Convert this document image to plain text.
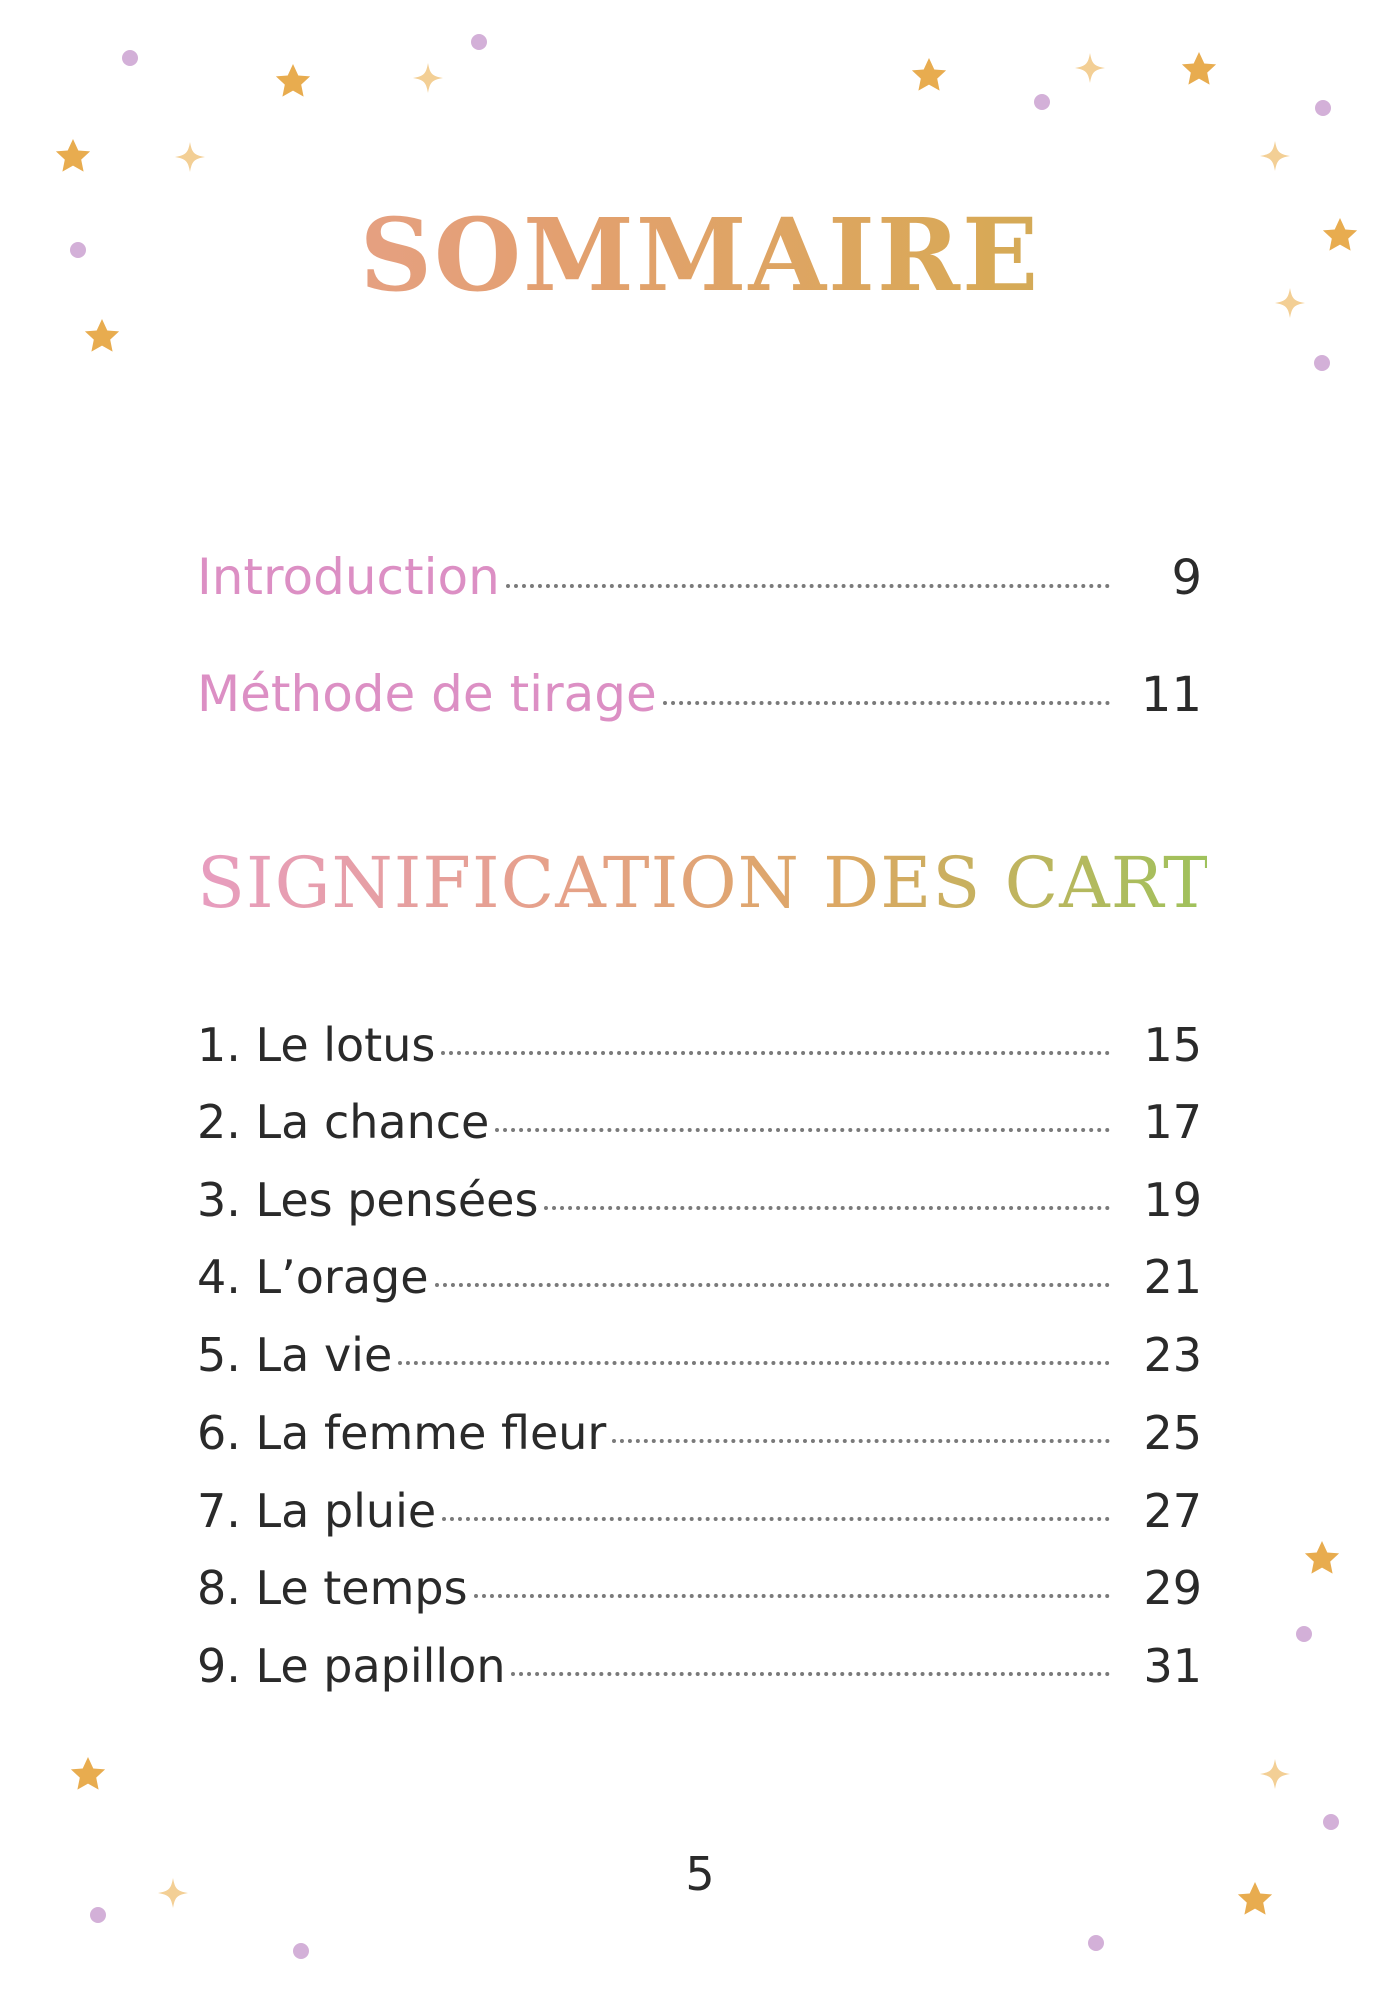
SOMMAIRE
Introduction	9
Méthode de tirage	11
SIGNIFICATION DES CARTES
1. Le lotus	15
2. La chance	17
3. Les pensées	19
4. L’orage	21
5. La vie	23
6. La femme fleur	25
7. La pluie	27
8. Le temps	29
9. Le papillon	31
5
